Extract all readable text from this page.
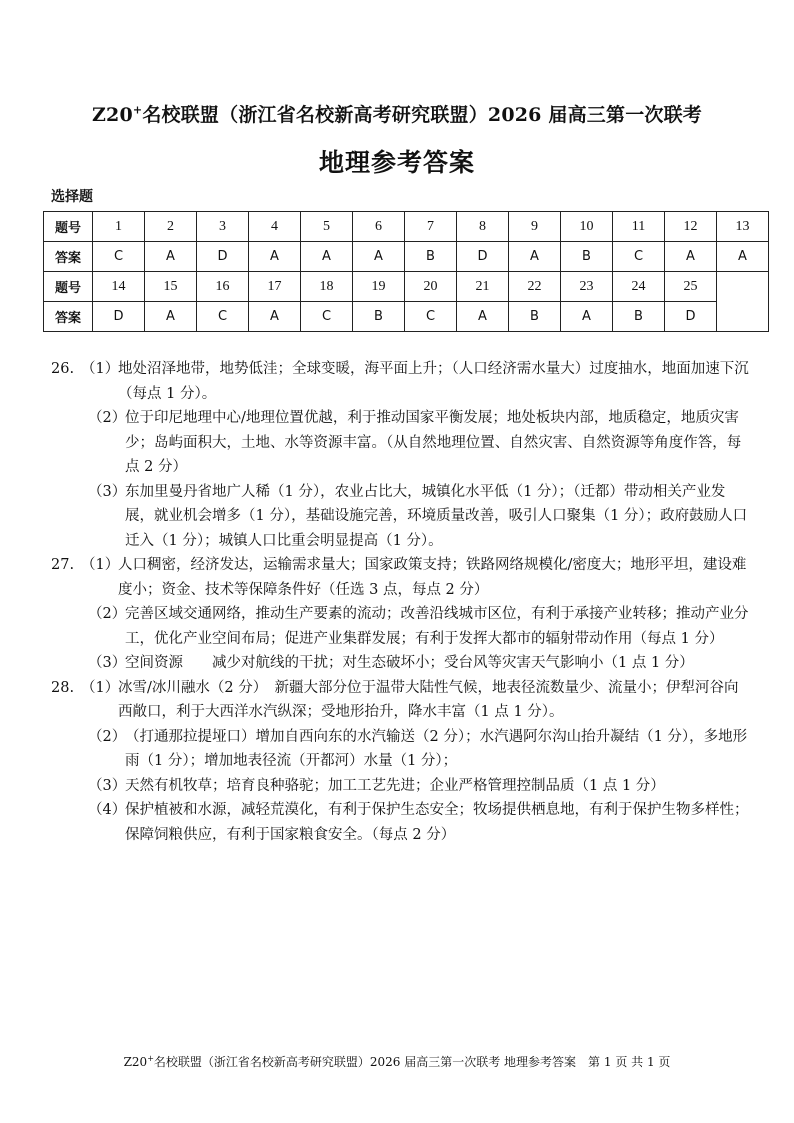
Z20+名校联盟（浙江省名校新高考研究联盟）2026 届高三第一次联考
地理参考答案
选择题
题号	1	2	3	4	5	6	7	8	9	10	11	12	13
答案	C	A	D	A	A	A	B	D	A	B	C	A	A
题号	14	15	16	17	18	19	20	21	22	23	24	25	
答案	D	A	C	A	C	B	C	A	B	A	B	D	
26. （1）
地处沼泽地带，地势低洼；全球变暖，海平面上升；（人口经济需水量大）过度抽水，地面加速下沉（每点 1 分）。
（2）
位于印尼地理中心/地理位置优越，利于推动国家平衡发展；地处板块内部，地质稳定，地质灾害少；岛屿面积大，土地、水等资源丰富。（从自然地理位置、自然灾害、自然资源等角度作答，每点 2 分）
（3）
东加里曼丹省地广人稀（1 分），农业占比大，城镇化水平低（1 分）；（迁都）带动相关产业发展，就业机会增多（1 分），基础设施完善，环境质量改善，吸引人口聚集（1 分）；政府鼓励人口迁入（1 分）；城镇人口比重会明显提高（1 分）。
27. （1）
人口稠密，经济发达，运输需求量大；国家政策支持；铁路网络规模化/密度大；地形平坦，建设难度小；资金、技术等保障条件好（任选 3 点，每点 2 分）
（2）
完善区域交通网络，推动生产要素的流动；改善沿线城市区位，有利于承接产业转移；推动产业分工，优化产业空间布局；促进产业集群发展；有利于发挥大都市的辐射带动作用（每点 1 分）
（3）
空间资源　　减少对航线的干扰；对生态破坏小；受台风等灾害天气影响小（1 点 1 分）
28. （1）
冰雪/冰川融水（2 分）　新疆大部分位于温带大陆性气候，地表径流数量少、流量小；伊犁河谷向西敞口，利于大西洋水汽纵深；受地形抬升，降水丰富（1 点 1 分）。
（2）
（打通那拉提垭口）增加自西向东的水汽输送（2 分）；水汽遇阿尔沟山抬升凝结（1 分），多地形雨（1 分）；增加地表径流（开都河）水量（1 分）；
（3）
天然有机牧草；培育良种骆驼；加工工艺先进；企业严格管理控制品质（1 点 1 分）
（4）
保护植被和水源，减轻荒漠化，有利于保护生态安全；牧场提供栖息地，有利于保护生物多样性；保障饲粮供应，有利于国家粮食安全。（每点 2 分）
Z20+名校联盟（浙江省名校新高考研究联盟）2026 届高三第一次联考 地理参考答案　第 1 页 共 1 页
